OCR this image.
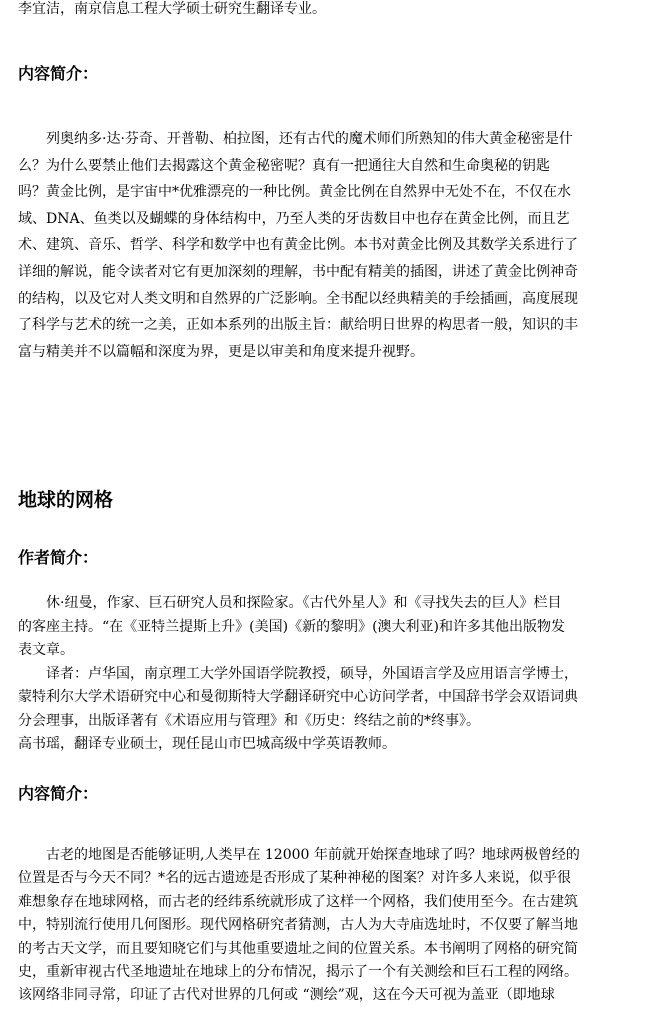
李宜洁，南京信息工程大学硕士研究生翻译专业。
内容简介：
　　列奥纳多·达·芬奇、开普勒、柏拉图，还有古代的魔术师们所熟知的伟大黄金秘密是什
么？为什么要禁止他们去揭露这个黄金秘密呢？真有一把通往大自然和生命奥秘的钥匙
吗？黄金比例，是宇宙中*优雅漂亮的一种比例。黄金比例在自然界中无处不在，不仅在水
域、DNA、鱼类以及蝴蝶的身体结构中，乃至人类的牙齿数目中也存在黄金比例，而且艺
术、建筑、音乐、哲学、科学和数学中也有黄金比例。本书对黄金比例及其数学关系进行了
详细的解说，能令读者对它有更加深刻的理解，书中配有精美的插图，讲述了黄金比例神奇
的结构，以及它对人类文明和自然界的广泛影响。全书配以经典精美的手绘插画，高度展现
了科学与艺术的统一之美，正如本系列的出版主旨：献给明日世界的构思者一般，知识的丰
富与精美并不以篇幅和深度为界，更是以审美和角度来提升视野。
地球的网格
作者简介：
　　休·纽曼，作家、巨石研究人员和探险家。《古代外星人》和《寻找失去的巨人》栏目
的客座主持。“在《亚特兰提斯上升》(美国)《新的黎明》(澳大利亚)和许多其他出版物发
表文章。
　　译者：卢华国，南京理工大学外国语学院教授，硕导，外国语言学及应用语言学博士，
蒙特利尔大学术语研究中心和曼彻斯特大学翻译研究中心访问学者，中国辞书学会双语词典
分会理事，出版译著有《术语应用与管理》和《历史：终结之前的*终事》。
高书瑶，翻译专业硕士，现任昆山市巴城高级中学英语教师。
内容简介：
　　古老的地图是否能够证明,人类早在 12000 年前就开始探查地球了吗？地球两极曾经的
位置是否与今天不同？*名的远古遗迹是否形成了某种神秘的图案？对许多人来说，似乎很
难想象存在地球网格，而古老的经纬系统就形成了这样一个网格，我们使用至今。在古建筑
中，特别流行使用几何图形。现代网格研究者猜测，古人为大寺庙选址时，不仅要了解当地
的考古天文学，而且要知晓它们与其他重要遗址之间的位置关系。本书阐明了网格的研究简
史，重新审视古代圣地遗址在地球上的分布情况，揭示了一个有关测绘和巨石工程的网络。
该网络非同寻常，印证了古代对世界的几何或 “测绘”观，这在今天可视为盖亚（即地球
